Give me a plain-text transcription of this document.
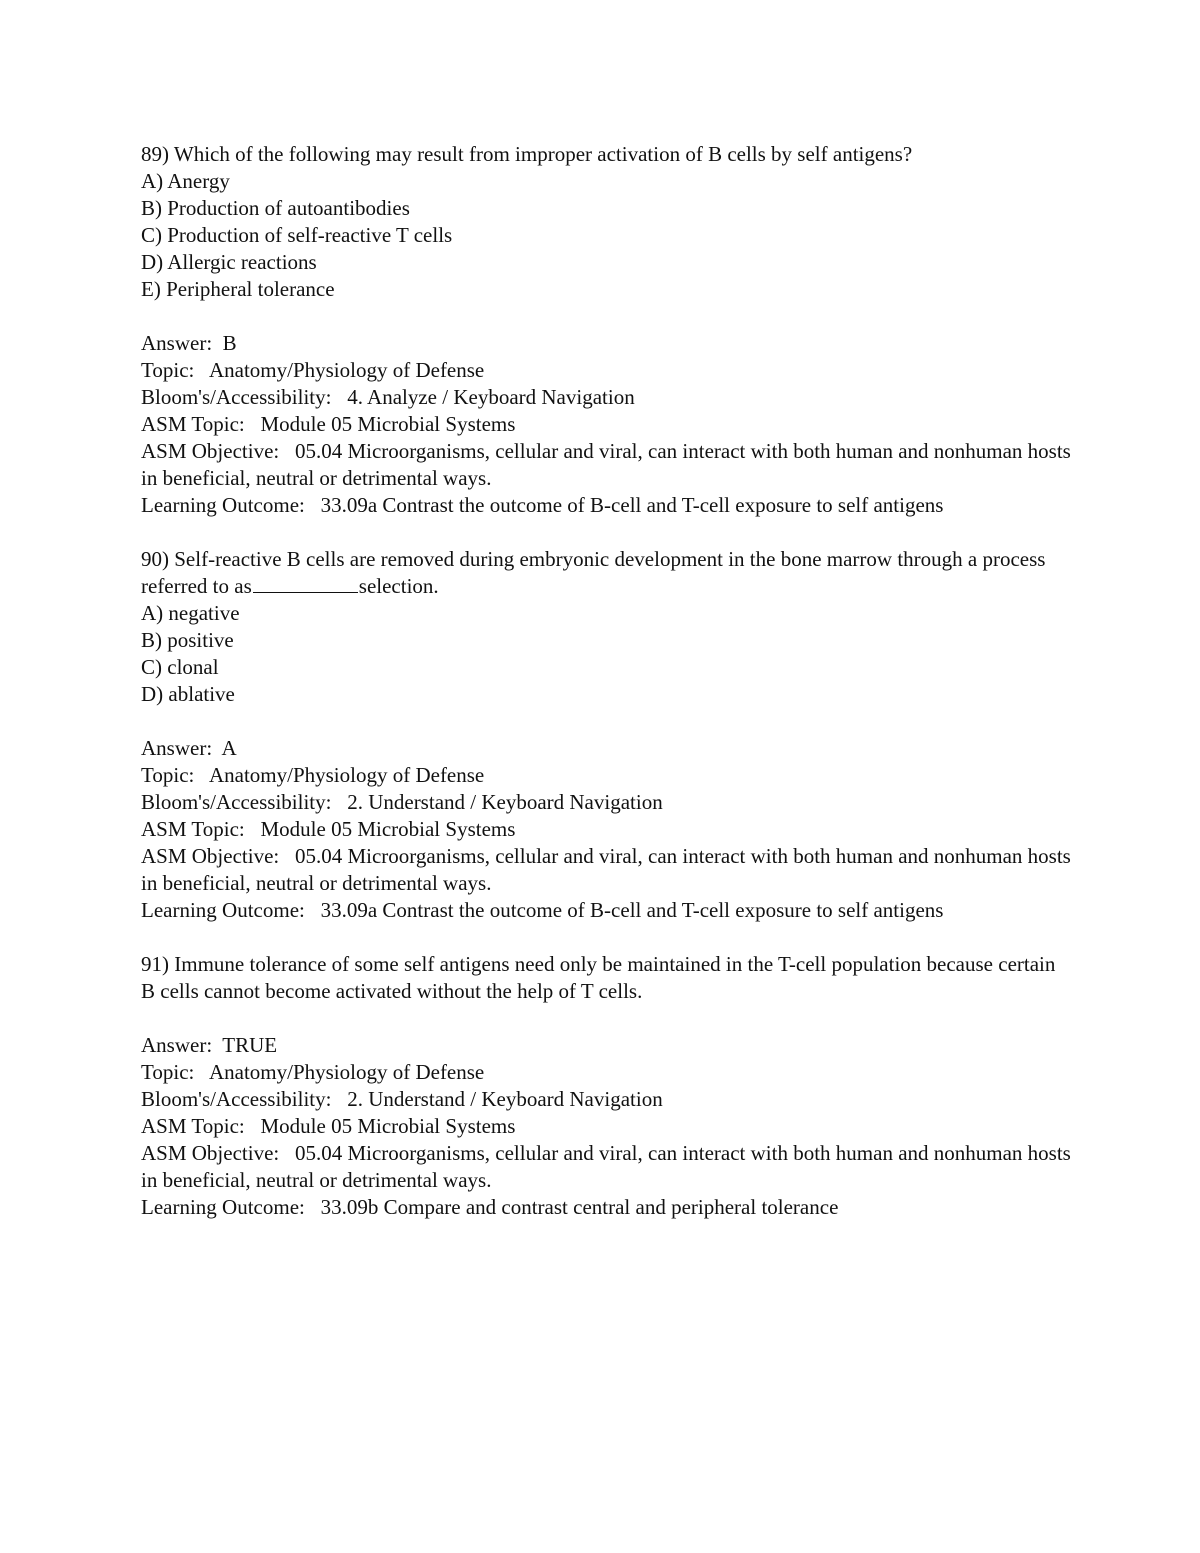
89) Which of the following may result from improper activation of B cells by self antigens?

A) Anergy

B) Production of autoantibodies

C) Production of self-reactive T cells

D) Allergic reactions

E) Peripheral tolerance

Answer: B

Topic: Anatomy/Physiology of Defense

Bloom's/Accessibility: 4. Analyze / Keyboard Navigation

ASM Topic: Module 05 Microbial Systems

ASM Objective: 05.04 Microorganisms, cellular and viral, can interact with both human and nonhuman hosts in beneficial, neutral or detrimental ways.

Learning Outcome: 33.09a Contrast the outcome of B-cell and T-cell exposure to self antigens

90) Self-reactive B cells are removed during embryonic development in the bone marrow through a process referred to as	selection.

A) negative

B) positive

C) clonal

D) ablative

Answer: A

Topic: Anatomy/Physiology of Defense

Bloom's/Accessibility: 2. Understand / Keyboard Navigation

ASM Topic: Module 05 Microbial Systems

ASM Objective: 05.04 Microorganisms, cellular and viral, can interact with both human and nonhuman hosts in beneficial, neutral or detrimental ways.

Learning Outcome: 33.09a Contrast the outcome of B-cell and T-cell exposure to self antigens

91) Immune tolerance of some self antigens need only be maintained in the T-cell population because certain B cells cannot become activated without the help of T cells.

Answer: TRUE

Topic: Anatomy/Physiology of Defense

Bloom's/Accessibility: 2. Understand / Keyboard Navigation

ASM Topic: Module 05 Microbial Systems

ASM Objective: 05.04 Microorganisms, cellular and viral, can interact with both human and nonhuman hosts in beneficial, neutral or detrimental ways.

Learning Outcome: 33.09b Compare and contrast central and peripheral tolerance
